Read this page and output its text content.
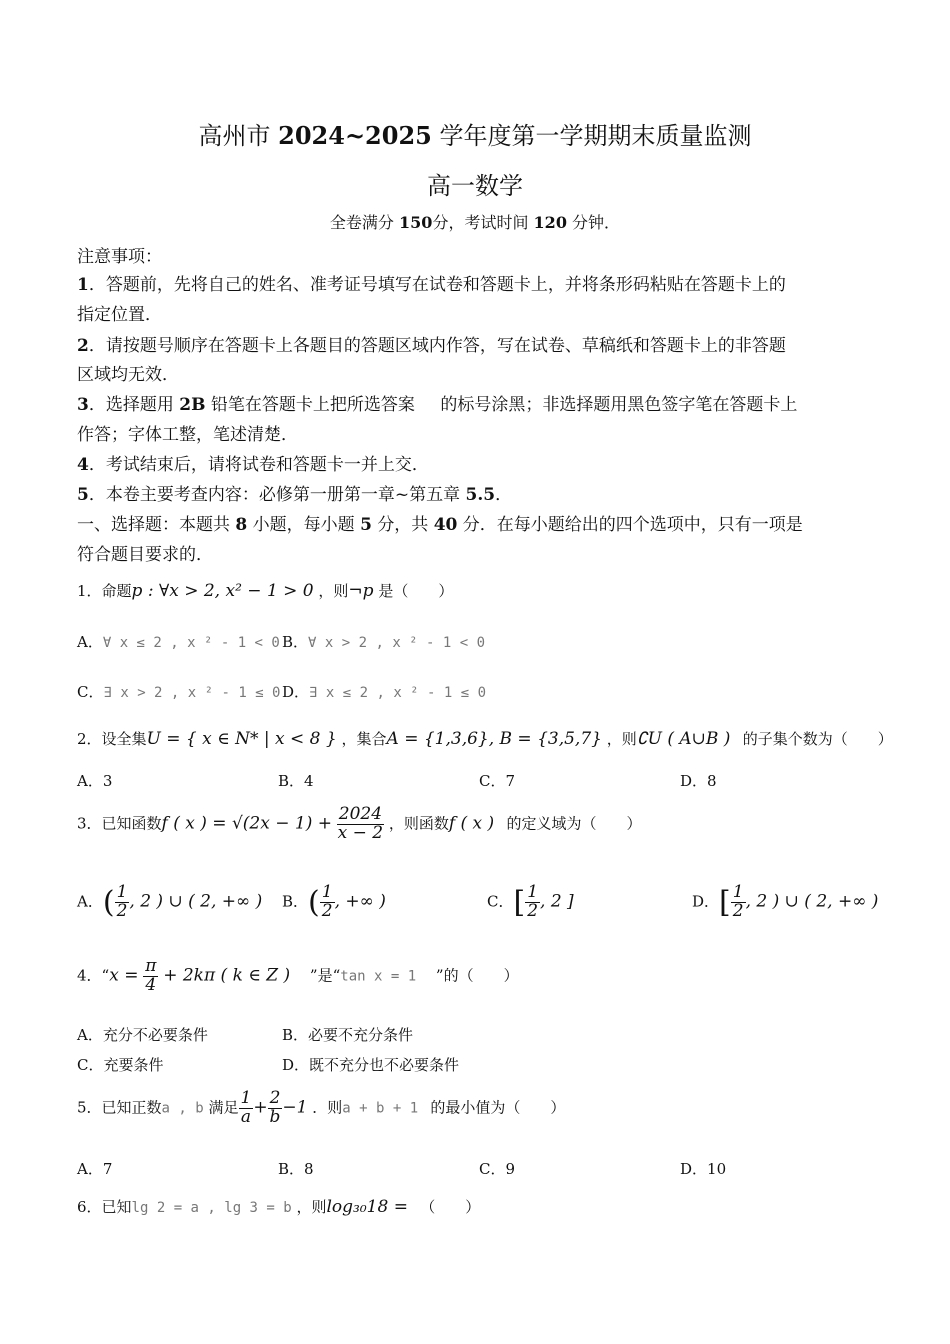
高州市 2024~2025 学年度第一学期期末质量监测
高一数学
全卷满分 150分，考试时间 120 分钟．
注意事项：
1．答题前，先将自己的姓名、准考证号填写在试卷和答题卡上，并将条形码粘贴在答题卡上的
指定位置．
2．请按题号顺序在答题卡上各题目的答题区域内作答，写在试卷、草稿纸和答题卡上的非答题
区域均无效．
3．选择题用 2B 铅笔在答题卡上把所选答案   的标号涂黑；非选择题用黑色签字笔在答题卡上
作答；字体工整，笔述清楚．
4．考试结束后，请将试卷和答题卡一并上交．
5．本卷主要考查内容：必修第一册第一章~第五章 5.5．
一、选择题：本题共 8 小题，每小题 5 分，共 40 分．在每小题给出的四个选项中，只有一项是
符合题目要求的．
1．命题p : ∀x > 2, x² − 1 > 0 ，则¬p 是（　　）
A．∀ x ≤ 2 , x ² - 1 < 0 B．∀ x > 2 , x ² - 1 < 0
C．∃ x > 2 , x ² - 1 ≤ 0 D．∃ x ≤ 2 , x ² - 1 ≤ 0
2．设全集U = { x ∈ N* | x < 8 } ，集合A = {1,3,6}, B = {3,5,7} ，则∁U ( A∪B )   的子集个数为（　　）
A．3	B．4	C．7	D．8
3．已知函数f ( x ) = $√(2x - 1) + \frac{2024}{x - 2}$ ，则函数f ( x )   的定义域为（　　）
A．( $\frac{1}{2}$ , 2 ) ∪ ( 2, +∞ ) B．( $\frac{1}{2}$ , +∞ )	C．[ $\frac{1}{2}$ , 2 ]	D．[ $\frac{1}{2}$ , 2 ) ∪ ( 2, +∞ )
4．“$x = \frac{\pi}{4} + 2k\pi$ ( k ∈ Z )   ”是“tan x = 1   ”的（　　）
A．充分不必要条件	B．必要不充分条件
C．充要条件	D．既不充分也不必要条件
5．已知正数a , b 满足 $\frac{1}{a} + \frac{2}{b} -1$ ．则a + b + 1   的最小值为（　　）
A．7	B．8	C．9	D．10
6．已知lg 2 = a , lg 3 = b ，则log₃₀18 =   （　　）
